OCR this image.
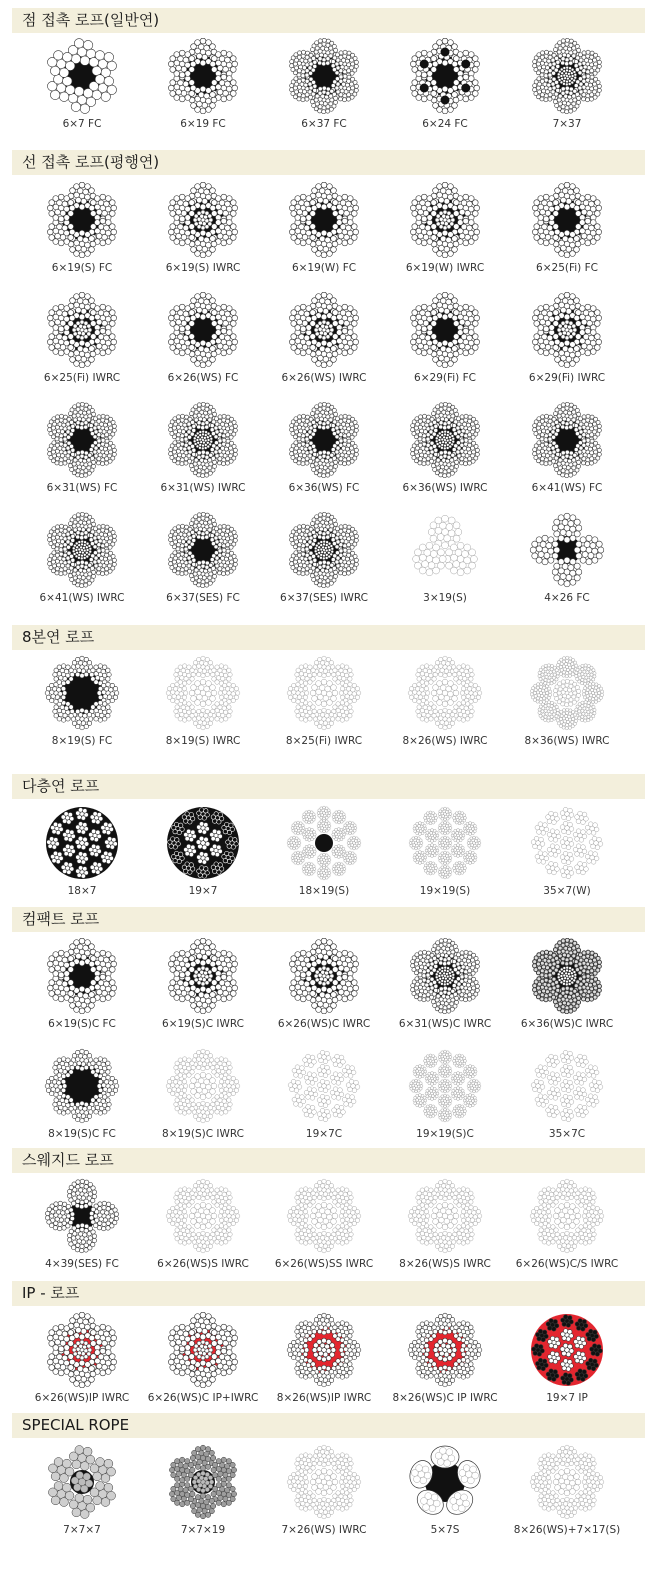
점 접촉 로프(일반연)
6×7 FC	6×19 FC	6×37 FC	6×24 FC	7×37
선 접촉 로프(평행연)
6×19(S) FC	6×19(S) IWRC	6×19(W) FC	6×19(W) IWRC	6×25(Fi) FC
6×25(Fi) IWRC	6×26(WS) FC	6×26(WS) IWRC	6×29(Fi) FC	6×29(Fi) IWRC
6×31(WS) FC	6×31(WS) IWRC	6×36(WS) FC	6×36(WS) IWRC	6×41(WS) FC
6×41(WS) IWRC	6×37(SES) FC	6×37(SES) IWRC	3×19(S)	4×26 FC
8본연 로프
8×19(S) FC	8×19(S) IWRC	8×25(Fi) IWRC	8×26(WS) IWRC	8×36(WS) IWRC
다층연 로프
18×7	19×7	18×19(S)	19×19(S)	35×7(W)
컴팩트 로프
6×19(S)C FC	6×19(S)C IWRC	6×26(WS)C IWRC	6×31(WS)C IWRC	6×36(WS)C IWRC
8×19(S)C FC	8×19(S)C IWRC	19×7C	19×19(S)C	35×7C
스웨지드 로프
4×39(SES) FC	6×26(WS)S IWRC	6×26(WS)SS IWRC	8×26(WS)S IWRC	6×26(WS)C/S IWRC
IP - 로프
6×26(WS)IP IWRC	6×26(WS)C IP+IWRC	8×26(WS)IP IWRC	8×26(WS)C IP IWRC	19×7 IP
SPECIAL ROPE
7×7×7	7×7×19	7×26(WS) IWRC	5×7S	8×26(WS)+7×17(S)
